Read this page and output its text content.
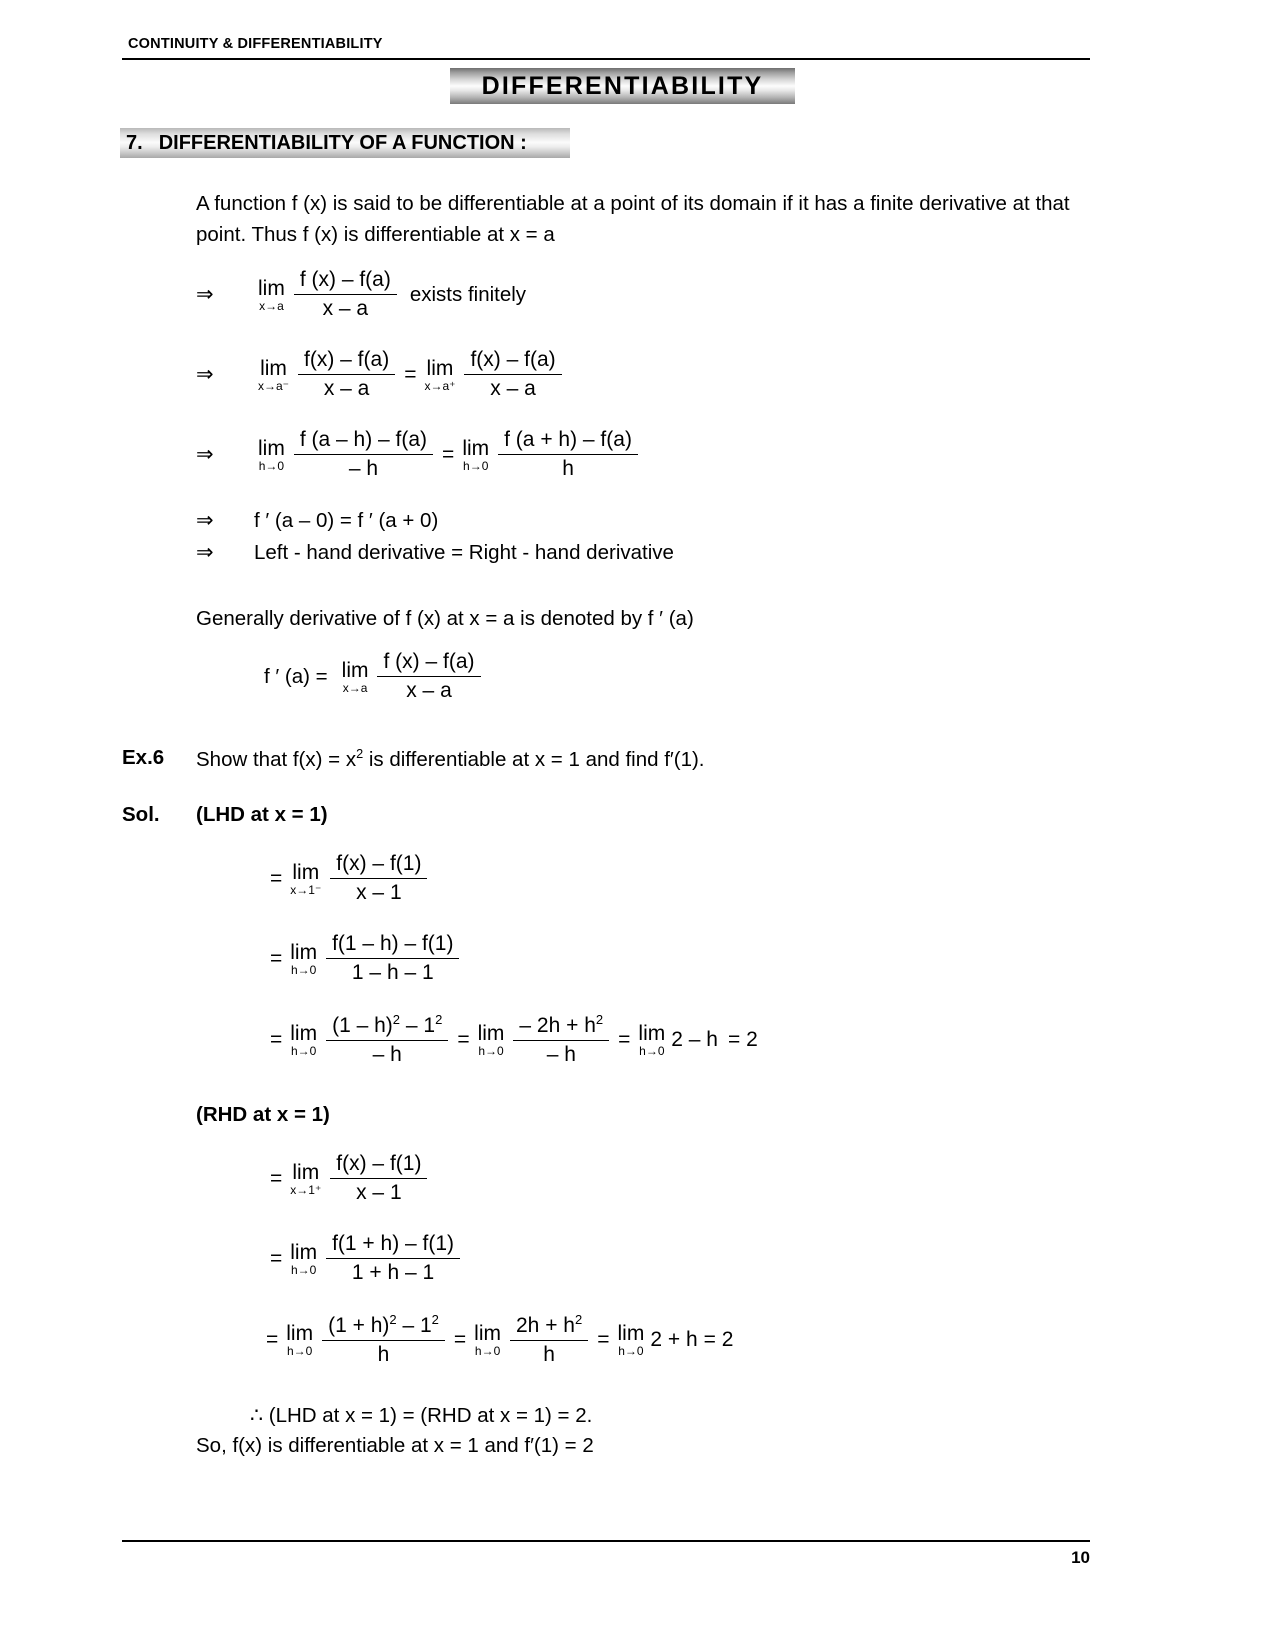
CONTINUITY & DIFFERENTIABILITY
DIFFERENTIABILITY
7. DIFFERENTIABILITY OF A FUNCTION :
A function f (x) is said to be differentiable at a point of its domain if it has a finite derivative at that
point. Thus f (x) is differentiable at x = a
⇒	lim
$x\to a \frac{f (x) - f(a)}{x - a}$ exists finitely
⇒	lim
$x\to a^- \frac{f(x) - f(a)}{x - a} = \lim$
$x\to a^+ \frac{f(x) - f(a)}{x - a}$
⇒	lim
$h\to 0 \frac{f (a - h) - f(a)}{- h} = \lim$
$h\to 0 \frac{f (a + h) - f(a)}{h}$
⇒	f ′ (a – 0) = f ′ (a + 0)
⇒	Left - hand derivative = Right - hand derivative
Generally derivative of f (x) at x = a is denoted by f ′ (a)
f ′ (a) = lim
$x\to a \frac{f (x) - f(a)}{x - a}$
Ex.6 Show that $f(x) = x^2$ is differentiable at x = 1 and find f′(1).
Sol. (LHD at x = 1)
= lim
$x\to 1^- \frac{f(x) - f(1)}{x - 1}$
= lim
$h\to 0 \frac{f(1 - h) - f(1)}{1 - h - 1}$
= lim
$h\to 0 \frac{(1 - h)^2 - 1^2}{- h} = \lim$
$h\to 0 \frac{- 2h + h^2}{- h} = \lim$
h→0 2 – h = 2
(RHD at x = 1)
= lim
$x\to 1^+ \frac{f(x) - f(1)}{x - 1}$
= lim
$h\to 0 \frac{f(1 + h) - f(1)}{1 + h - 1}$
= lim
$h\to 0 \frac{(1 + h)^2 - 1^2}{h} = \lim$
$h\to 0 \frac{2h + h^2}{h} = \lim$
h→0 2 + h = 2
∴ (LHD at x = 1) = (RHD at x = 1) = 2.
So, f(x) is differentiable at x = 1 and f′(1) = 2
10
